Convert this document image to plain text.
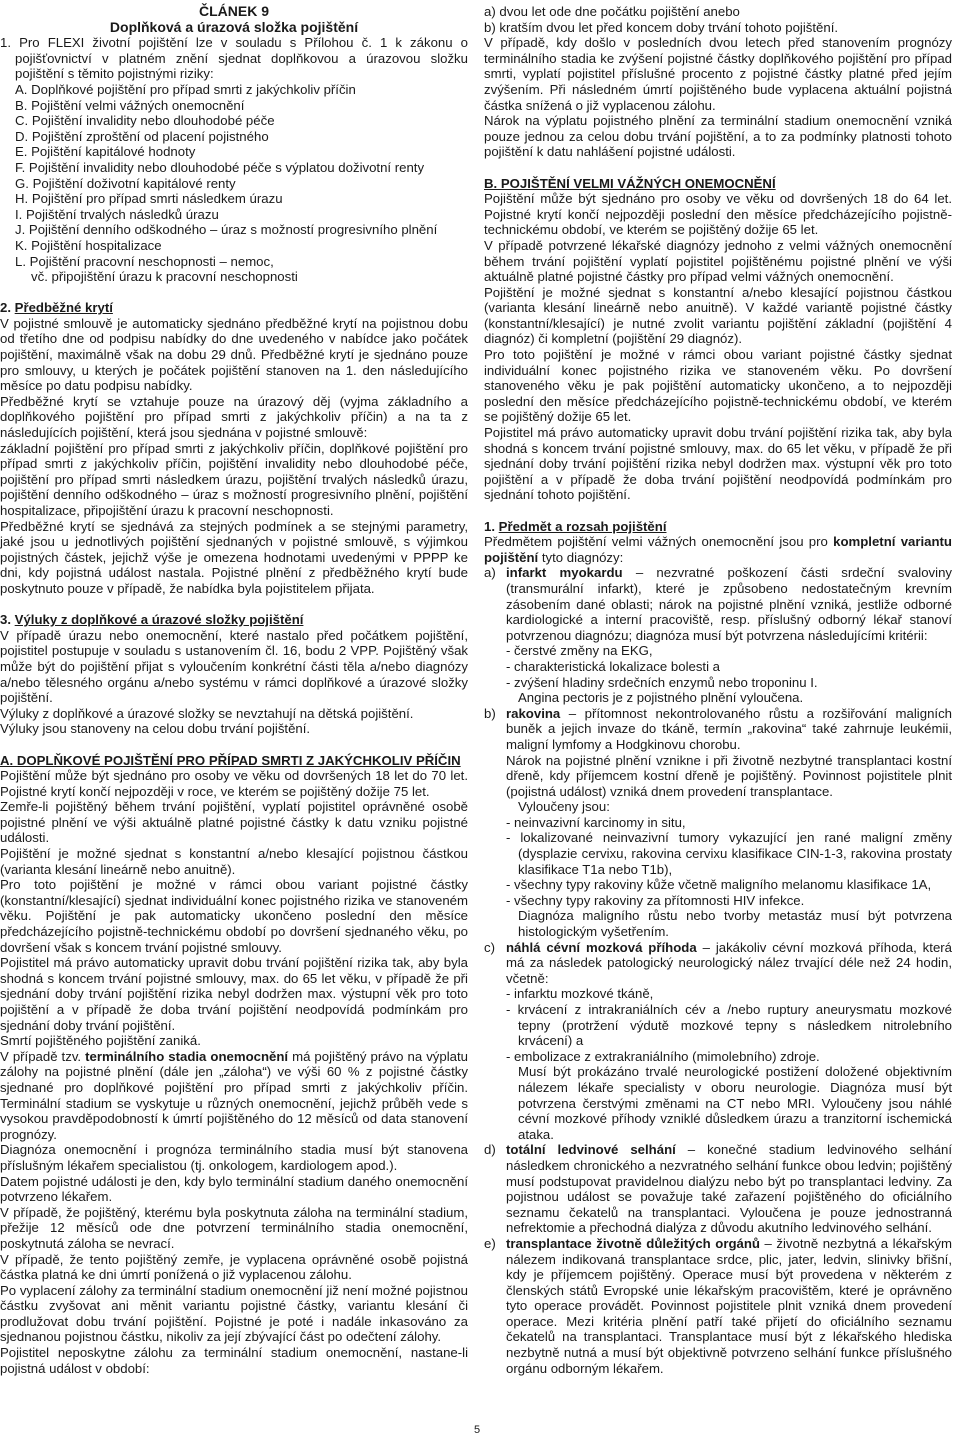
ČLÁNEK 9
Doplňková a úrazová složka pojištění

1. Pro FLEXI životní pojištění lze v souladu s Přílohou č. 1 k zákonu o pojišťovnictví v platném znění sjednat doplňkovou a úrazovou složku pojištění s těmito pojistnými riziky:

A. Doplňkové pojištění pro případ smrti z jakýchkoliv příčin

B. Pojištění velmi vážných onemocnění

C. Pojištění invalidity nebo dlouhodobé péče

D. Pojištění zproštění od placení pojistného

E. Pojištění kapitálové hodnoty

F. Pojištění invalidity nebo dlouhodobé péče s výplatou doživotní renty

G. Pojištění doživotní kapitálové renty

H. Pojištění pro případ smrti následkem úrazu

I. Pojištění trvalých následků úrazu

J. Pojištění denního odškodného – úraz s možností progresivního plnění

K. Pojištění hospitalizace

L. Pojištění pracovní neschopnosti – nemoc,

vč. připojištění úrazu k pracovní neschopnosti

2. Předběžné krytí

V pojistné smlouvě je automaticky sjednáno předběžné krytí na pojistnou dobu od třetího dne od podpisu nabídky do dne uvedeného v nabídce jako počátek pojištění, maximálně však na dobu 29 dnů. Předběžné krytí je sjednáno pouze pro smlouvy, u kterých je počátek pojištění stanoven na 1. den následujícího měsíce po datu podpisu nabídky.

Předběžné krytí se vztahuje pouze na úrazový děj (vyjma základního a doplňkového pojištění pro případ smrti z jakýchkoliv příčin) a na ta z následujících pojištění, která jsou sjednána v pojistné smlouvě:

základní pojištění pro případ smrti z jakýchkoliv příčin, doplňkové pojištění pro případ smrti z jakýchkoliv příčin, pojištění invalidity nebo dlouhodobé péče, pojištění pro případ smrti následkem úrazu, pojištění trvalých následků úrazu, pojištění denního odškodného – úraz s možností progresivního plnění, pojištění hospitalizace, připojištění úrazu k pracovní neschopnosti.

Předběžné krytí se sjednává za stejných podmínek a se stejnými parametry, jaké jsou u jednotlivých pojištění sjednaných v pojistné smlouvě, s výjimkou pojistných částek, jejichž výše je omezena hodnotami uvedenými v PPPP ke dni, kdy pojistná událost nastala. Pojistné plnění z předběžného krytí bude poskytnuto pouze v případě, že nabídka byla pojistitelem přijata.

3. Výluky z doplňkové a úrazové složky pojištění

V případě úrazu nebo onemocnění, které nastalo před počátkem pojištění, pojistitel postupuje v souladu s ustanovením čl. 16, bodu 2 VPP. Pojištěný však může být do pojištění přijat s vyloučením konkrétní části těla a/nebo diagnózy a/nebo tělesného orgánu a/nebo systému v rámci doplňkové a úrazové složky pojištění.

Výluky z doplňkové a úrazové složky se nevztahují na dětská pojištění.

Výluky jsou stanoveny na celou dobu trvání pojištění.

A. DOPLŇKOVÉ POJIŠTĚNÍ PRO PŘÍPAD SMRTI Z JAKÝCHKOLIV PŘÍČIN

Pojištění může být sjednáno pro osoby ve věku od dovršených 18 let do 70 let. Pojistné krytí končí nejpozději v roce, ve kterém se pojištěný dožije 75 let.

Zemře-li pojištěný během trvání pojištění, vyplatí pojistitel oprávněné osobě pojistné plnění ve výši aktuálně platné pojistné částky k datu vzniku pojistné události.

Pojištění je možné sjednat s konstantní a/nebo klesající pojistnou částkou (varianta klesání lineárně nebo anuitně).

Pro toto pojištění je možné v rámci obou variant pojistné částky (konstantní/klesající) sjednat individuální konec pojistného rizika ve stanoveném věku. Pojištění je pak automaticky ukončeno poslední den měsíce předcházejícího pojistně-technickému období po dovršení sjednaného věku, po dovršení však s koncem trvání pojistné smlouvy.

Pojistitel má právo automaticky upravit dobu trvání pojištění rizika tak, aby byla shodná s koncem trvání pojistné smlouvy, max. do 65 let věku, v případě že při sjednání doby trvání pojištění rizika nebyl dodržen max. výstupní věk pro toto pojištění a v případě že doba trvání pojištění neodpovídá podmínkám pro sjednání doby trvání pojištění.

Smrtí pojištěného pojištění zaniká.

V případě tzv. terminálního stadia onemocnění má pojištěný právo na výplatu zálohy na pojistné plnění (dále jen „záloha“) ve výši 60 % z pojistné částky sjednané pro doplňkové pojištění pro případ smrti z jakýchkoliv příčin. Terminální stadium se vyskytuje u různých onemocnění, jejichž průběh vede s vysokou pravděpodobností k úmrtí pojištěného do 12 měsíců od data stanovení prognózy.

Diagnóza onemocnění i prognóza terminálního stadia musí být stanovena příslušným lékařem specialistou (tj. onkologem, kardiologem apod.).

Datem pojistné události je den, kdy bylo terminální stadium daného onemocnění potvrzeno lékařem.

V případě, že pojištěný, kterému byla poskytnuta záloha na terminální stadium, přežije 12 měsíců ode dne potvrzení terminálního stadia onemocnění, poskytnutá záloha se nevrací.

V případě, že tento pojištěný zemře, je vyplacena oprávněné osobě pojistná částka platná ke dni úmrtí ponížená o již vyplacenou zálohu.

Po vyplacení zálohy za terminální stadium onemocnění již není možné pojistnou částku zvyšovat ani měnit variantu pojistné částky, variantu klesání či prodlužovat dobu trvání pojištění. Pojistné je poté i nadále inkasováno za sjednanou pojistnou částku, nikoliv za její zbývající část po odečtení zálohy.

Pojistitel neposkytne zálohu za terminální stadium onemocnění, nastane-li pojistná událost v období:

a) dvou let ode dne počátku pojištění anebo

b) kratším dvou let před koncem doby trvání tohoto pojištění.

V případě, kdy došlo v posledních dvou letech před stanovením prognózy terminálního stadia ke zvýšení pojistné částky doplňkového pojištění pro případ smrti, vyplatí pojistitel příslušné procento z pojistné částky platné před jejím zvýšením. Při následném úmrtí pojištěného bude vyplacena aktuální pojistná částka snížená o již vyplacenou zálohu.

Nárok na výplatu pojistného plnění za terminální stadium onemocnění vzniká pouze jednou za celou dobu trvání pojištění, a to za podmínky platnosti tohoto pojištění k datu nahlášení pojistné události.

B. POJIŠTĚNÍ VELMI VÁŽNÝCH ONEMOCNĚNÍ

Pojištění může být sjednáno pro osoby ve věku od dovršených 18 do 64 let. Pojistné krytí končí nejpozději poslední den měsíce předcházejícího pojistně-technickému období, ve kterém se pojištěný dožije 65 let.

V případě potvrzené lékařské diagnózy jednoho z velmi vážných onemocnění během trvání pojištění vyplatí pojistitel pojištěnému pojistné plnění ve výši aktuálně platné pojistné částky pro případ velmi vážných onemocnění.

Pojištění je možné sjednat s konstantní a/nebo klesající pojistnou částkou (varianta klesání lineárně nebo anuitně). V každé variantě pojistné částky (konstantní/klesající) je nutné zvolit variantu pojištění základní (pojištění 4 diagnóz) či kompletní (pojištění 29 diagnóz).

Pro toto pojištění je možné v rámci obou variant pojistné částky sjednat individuální konec pojistného rizika ve stanoveném věku. Po dovršení stanoveného věku je pak pojištění automaticky ukončeno, a to nejpozději poslední den měsíce předcházejícího pojistně-technickému období, ve kterém se pojištěný dožije 65 let.

Pojistitel má právo automaticky upravit dobu trvání pojištění rizika tak, aby byla shodná s koncem trvání pojistné smlouvy, max. do 65 let věku, v případě že při sjednání doby trvání pojištění rizika nebyl dodržen max. výstupní věk pro toto pojištění a v případě že doba trvání pojištění neodpovídá podmínkám pro sjednání tohoto pojištění.

1. Předmět a rozsah pojištění

Předmětem pojištění velmi vážných onemocnění jsou pro kompletní variantu pojištění tyto diagnózy:

a) infarkt myokardu – nezvratné poškození části srdeční svaloviny (transmurální infarkt), které je způsobeno nedostatečným krevním zásobením dané oblasti; nárok na pojistné plnění vzniká, jestliže odborné kardiologické a interní pracoviště, resp. příslušný odborný lékař stanoví potvrzenou diagnózu; diagnóza musí být potvrzena následujícími kritérii:

- čerstvé změny na EKG,

- charakteristická lokalizace bolesti a

- zvýšení hladiny srdečních enzymů nebo troponinu I.

Angina pectoris je z pojistného plnění vyloučena.

b) rakovina – přítomnost nekontrolovaného růstu a rozšiřování maligních buněk a jejich invaze do tkáně, termín „rakovina“ také zahrnuje leukémii, maligní lymfomy a Hodgkinovu chorobu.

Nárok na pojistné plnění vznikne i při životně nezbytné transplantaci kostní dřeně, kdy příjemcem kostní dřeně je pojištěný. Povinnost pojistitele plnit (pojistná událost) vzniká dnem provedení transplantace.

Vyloučeny jsou:

- neinvazivní karcinomy in situ,

- lokalizované neinvazivní tumory vykazující jen rané maligní změny (dysplazie cervixu, rakovina cervixu klasifikace CIN-1-3, rakovina prostaty klasifikace T1a nebo T1b),

- všechny typy rakoviny kůže včetně maligního melanomu klasifikace 1A,

- všechny typy rakoviny za přítomnosti HIV infekce.

Diagnóza maligního růstu nebo tvorby metastáz musí být potvrzena histologickým vyšetřením.

c) náhlá cévní mozková příhoda – jakákoliv cévní mozková příhoda, která má za následek patologický neurologický nález trvající déle než 24 hodin, včetně:

- infarktu mozkové tkáně,

- krvácení z intrakraniálních cév a /nebo ruptury aneurysmatu mozkové tepny (protržení výdutě mozkové tepny s následkem nitrolebního krvácení) a

- embolizace z extrakraniálního (mimolebního) zdroje.

Musí být prokázáno trvalé neurologické postižení doložené objektivním nálezem lékaře specialisty v oboru neurologie. Diagnóza musí být potvrzena čerstvými změnami na CT nebo MRI. Vyloučeny jsou náhlé cévní mozkové příhody vzniklé důsledkem úrazu a tranzitorní ischemická ataka.

d) totální ledvinové selhání – konečné stadium ledvinového selhání následkem chronického a nezvratného selhání funkce obou ledvin; pojištěný musí podstupovat pravidelnou dialýzu nebo být po transplantaci ledviny. Za pojistnou událost se považuje také zařazení pojištěného do oficiálního seznamu čekatelů na transplantaci. Vyloučena je pouze jednostranná nefrektomie a přechodná dialýza z důvodu akutního ledvinového selhání.

e) transplantace životně důležitých orgánů – životně nezbytná a lékařským nálezem indikovaná transplantace srdce, plic, jater, ledvin, slinivky břišní, kdy je příjemcem pojištěný. Operace musí být provedena v některém z členských států Evropské unie lékařským pracovištěm, které je oprávněno tyto operace provádět. Povinnost pojistitele plnit vzniká dnem provedení operace. Mezi kritéria plnění patří také přijetí do oficiálního seznamu čekatelů na transplantaci. Transplantace musí být z lékařského hlediska nezbytně nutná a musí být objektivně potvrzeno selhání funkce příslušného orgánu odborným lékařem.

5
